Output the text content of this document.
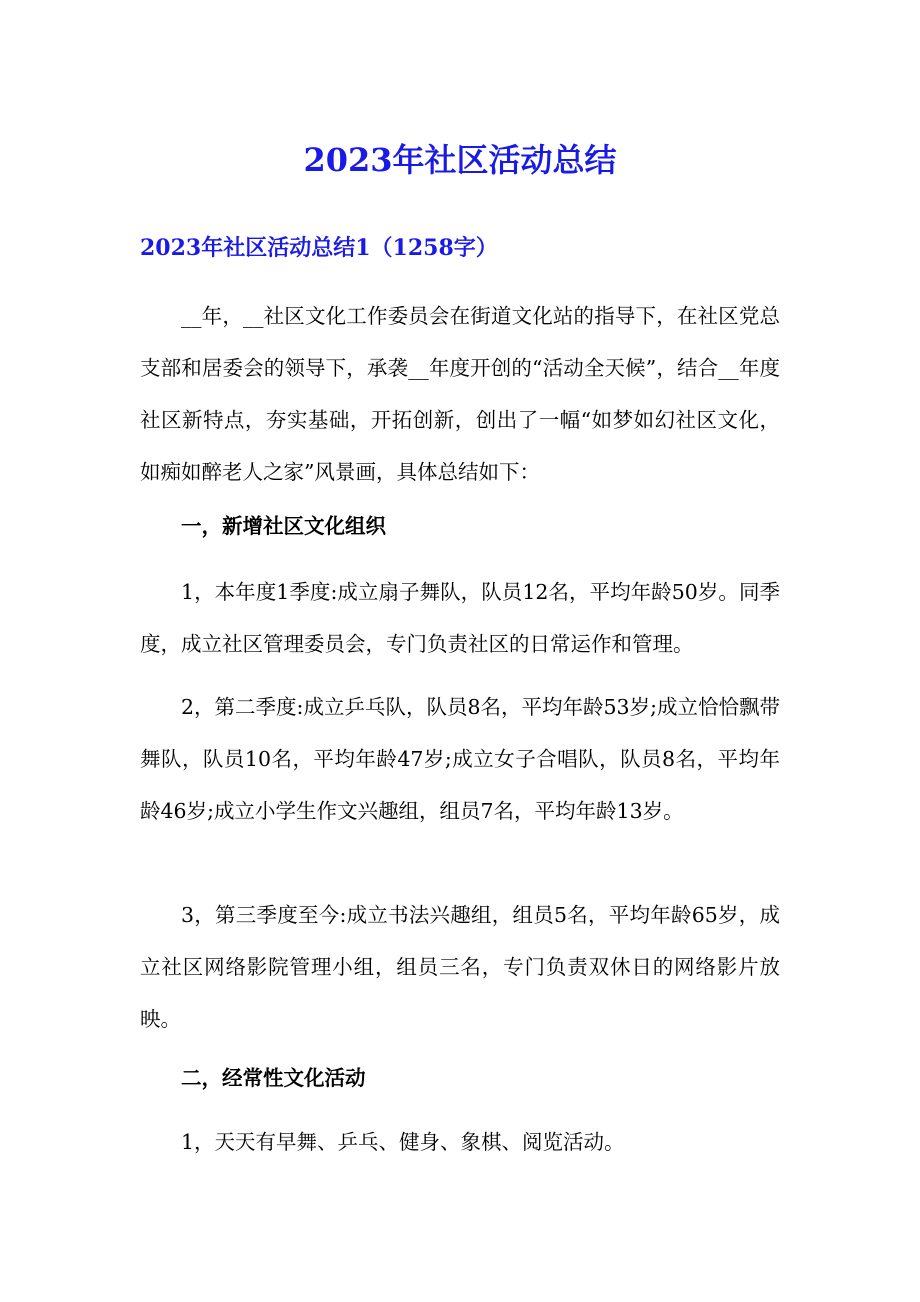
2023年社区活动总结
2023年社区活动总结1（1258字）

__年，__社区文化工作委员会在街道文化站的指导下，在社区党总支部和居委会的领导下，承袭__年度开创的“活动全天候”，结合__年度社区新特点，夯实基础，开拓创新，创出了一幅“如梦如幻社区文化，如痴如醉老人之家”风景画，具体总结如下：

一，新增社区文化组织

1，本年度1季度:成立扇子舞队，队员12名，平均年龄50岁。同季度，成立社区管理委员会，专门负责社区的日常运作和管理。

2，第二季度:成立乒乓队，队员8名，平均年龄53岁;成立恰恰飘带舞队，队员10名，平均年龄47岁;成立女子合唱队，队员8名，平均年龄46岁;成立小学生作文兴趣组，组员7名，平均年龄13岁。

3，第三季度至今:成立书法兴趣组，组员5名，平均年龄65岁，成立社区网络影院管理小组，组员三名，专门负责双休日的网络影片放映。

二，经常性文化活动

1，天天有早舞、乒乓、健身、象棋、阅览活动。
